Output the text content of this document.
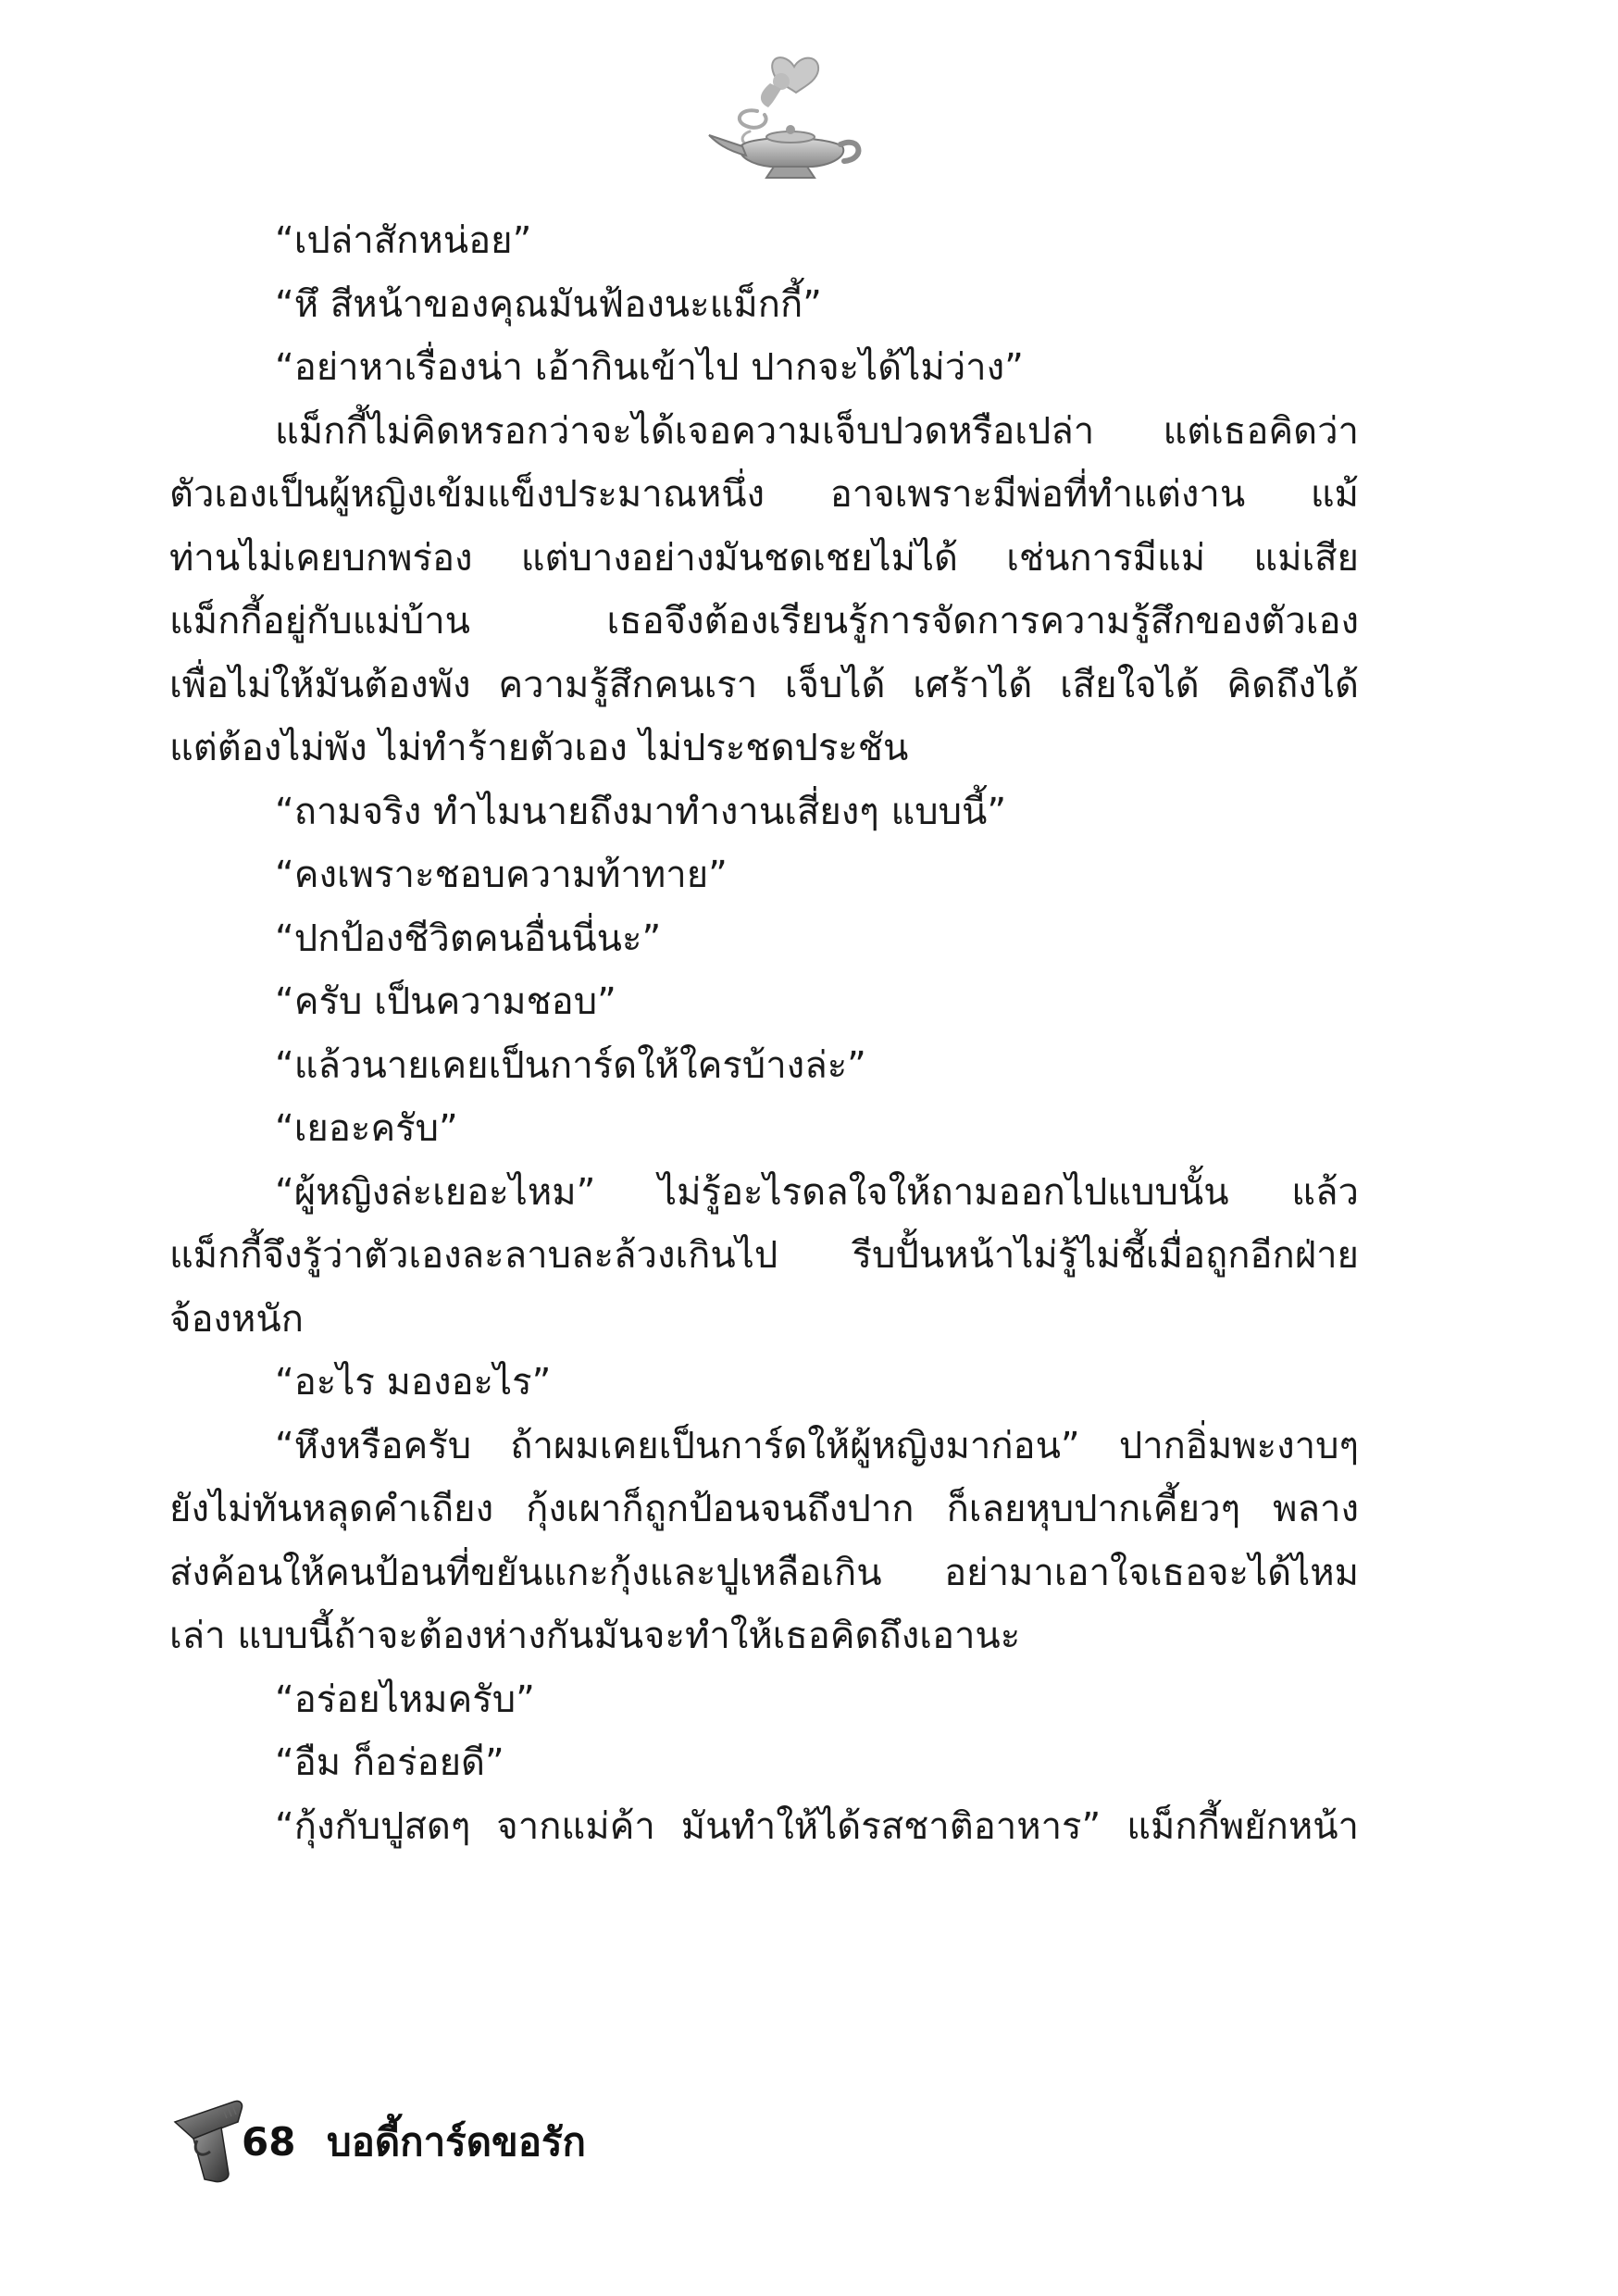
“เปล่าสักหน่อย”
“หึ สีหน้าของคุณมันฟ้องนะแม็กกี้”
“อย่าหาเรื่องน่า เอ้ากินเข้าไป ปากจะได้ไม่ว่าง”
แม็กกี้ไม่คิดหรอกว่าจะได้เจอความเจ็บปวดหรือเปล่า แต่เธอคิดว่า
ตัวเองเป็นผู้หญิงเข้มแข็งประมาณหนึ่ง อาจเพราะมีพ่อที่ทำแต่งาน แม้
ท่านไม่เคยบกพร่อง แต่บางอย่างมันชดเชยไม่ได้ เช่นการมีแม่ แม่เสีย
แม็กกี้อยู่กับแม่บ้าน เธอจึงต้องเรียนรู้การจัดการความรู้สึกของตัวเอง
เพื่อไม่ให้มันต้องพัง ความรู้สึกคนเรา เจ็บได้ เศร้าได้ เสียใจได้ คิดถึงได้
แต่ต้องไม่พัง ไม่ทำร้ายตัวเอง ไม่ประชดประชัน
“ถามจริง ทำไมนายถึงมาทำงานเสี่ยงๆ แบบนี้”
“คงเพราะชอบความท้าทาย”
“ปกป้องชีวิตคนอื่นนี่นะ”
“ครับ เป็นความชอบ”
“แล้วนายเคยเป็นการ์ดให้ใครบ้างล่ะ”
“เยอะครับ”
“ผู้หญิงล่ะเยอะไหม” ไม่รู้อะไรดลใจให้ถามออกไปแบบนั้น แล้ว
แม็กกี้จึงรู้ว่าตัวเองละลาบละล้วงเกินไป รีบปั้นหน้าไม่รู้ไม่ชี้เมื่อถูกอีกฝ่าย
จ้องหนัก
“อะไร มองอะไร”
“หึงหรือครับ ถ้าผมเคยเป็นการ์ดให้ผู้หญิงมาก่อน” ปากอิ่มพะงาบๆ
ยังไม่ทันหลุดคำเถียง กุ้งเผาก็ถูกป้อนจนถึงปาก ก็เลยหุบปากเคี้ยวๆ พลาง
ส่งค้อนให้คนป้อนที่ขยันแกะกุ้งและปูเหลือเกิน อย่ามาเอาใจเธอจะได้ไหม
เล่า แบบนี้ถ้าจะต้องห่างกันมันจะทำให้เธอคิดถึงเอานะ
“อร่อยไหมครับ”
“อืม ก็อร่อยดี”
“กุ้งกับปูสดๆ จากแม่ค้า มันทำให้ได้รสชาติอาหาร” แม็กกี้พยักหน้า
68 บอดี้การ์ดขอรัก
